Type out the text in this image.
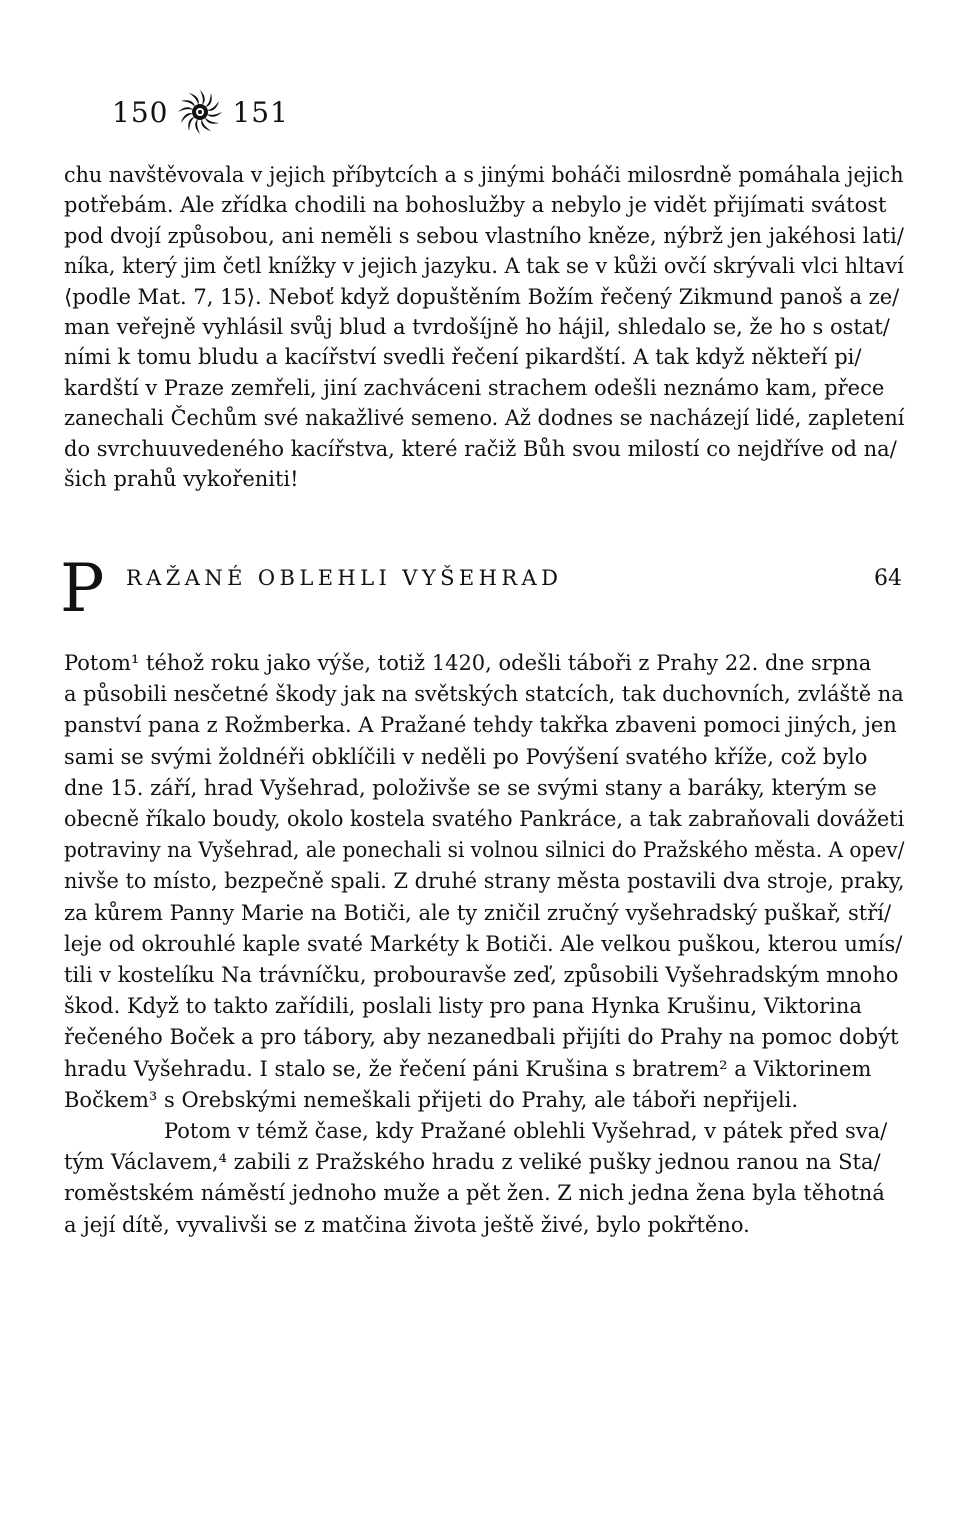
150 151
chu navštěvovala v jejich příbytcích a s jinými boháči milosrdně pomáhala jejich
potřebám. Ale zřídka chodili na bohoslužby a nebylo je vidět přijímati svátost
pod dvojí způsobou, ani neměli s sebou vlastního kněze, nýbrž jen jakéhosi lati/
níka, který jim četl knížky v jejich jazyku. A tak se v kůži ovčí skrývali vlci hltaví
⟨podle Mat. 7, 15⟩. Neboť když dopuštěním Božím řečený Zikmund panoš a ze/
man veřejně vyhlásil svůj blud a tvrdošíjně ho hájil, shledalo se, že ho s ostat/
ními k tomu bludu a kacířství svedli řečení pikardští. A tak když někteří pi/
kardští v Praze zemřeli, jiní zachváceni strachem odešli neznámo kam, přece
zanechali Čechům své nakažlivé semeno. Až dodnes se nacházejí lidé, zapletení
do svrchuuvedeného kacířstva, které račiž Bůh svou milostí co nejdříve od na/
šich prahů vykořeniti!
P RAŽANÉ OBLEHLI VYŠEHRAD	64

Potom¹ téhož roku jako výše, totiž 1420, odešli táboři z Prahy 22. dne srpna
a působili nesčetné škody jak na světských statcích, tak duchovních, zvláště na
panství pana z Rožmberka. A Pražané tehdy takřka zbaveni pomoci jiných, jen
sami se svými žoldnéři obklíčili v neděli po Povýšení svatého kříže, což bylo
dne 15. září, hrad Vyšehrad, položivše se se svými stany a baráky, kterým se
obecně říkalo boudy, okolo kostela svatého Pankráce, a tak zabraňovali dovážeti
potraviny na Vyšehrad, ale ponechali si volnou silnici do Pražského města. A opev/
nivše to místo, bezpečně spali. Z druhé strany města postavili dva stroje, praky,
za kůrem Panny Marie na Botiči, ale ty zničil zručný vyšehradský puškař, stří/
leje od okrouhlé kaple svaté Markéty k Botiči. Ale velkou puškou, kterou umís/
tili v kostelíku Na trávníčku, probouravše zeď, způsobili Vyšehradským mnoho
škod. Když to takto zařídili, poslali listy pro pana Hynka Krušinu, Viktorina
řečeného Boček a pro tábory, aby nezanedbali přijíti do Prahy na pomoc dobýt
hradu Vyšehradu. I stalo se, že řečení páni Krušina s bratrem² a Viktorinem
Bočkem³ s Orebskými nemeškali přijeti do Prahy, ale táboři nepřijeli.

Potom v témž čase, kdy Pražané oblehli Vyšehrad, v pátek před sva/
tým Václavem,⁴ zabili z Pražského hradu z veliké pušky jednou ranou na Sta/
roměstském náměstí jednoho muže a pět žen. Z nich jedna žena byla těhotná
a její dítě, vyvalivši se z matčina života ještě živé, bylo pokřtěno.
